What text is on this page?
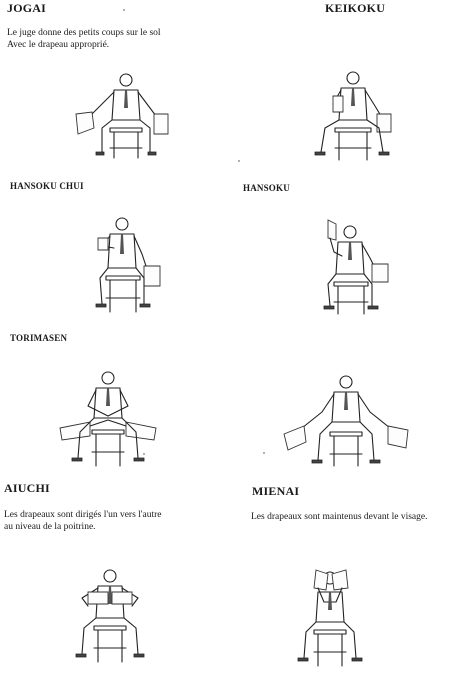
JOGAI
Le juge donne des petits coups sur le sol
Avec le drapeau approprié.
KEIKOKU
HANSOKU CHUI	HANSOKU
TORIMASEN
AIUCHI
Les drapeaux sont dirigés l'un vers l'autre
au niveau de la poitrine.
MIENAI
Les drapeaux sont maintenus devant le visage.
